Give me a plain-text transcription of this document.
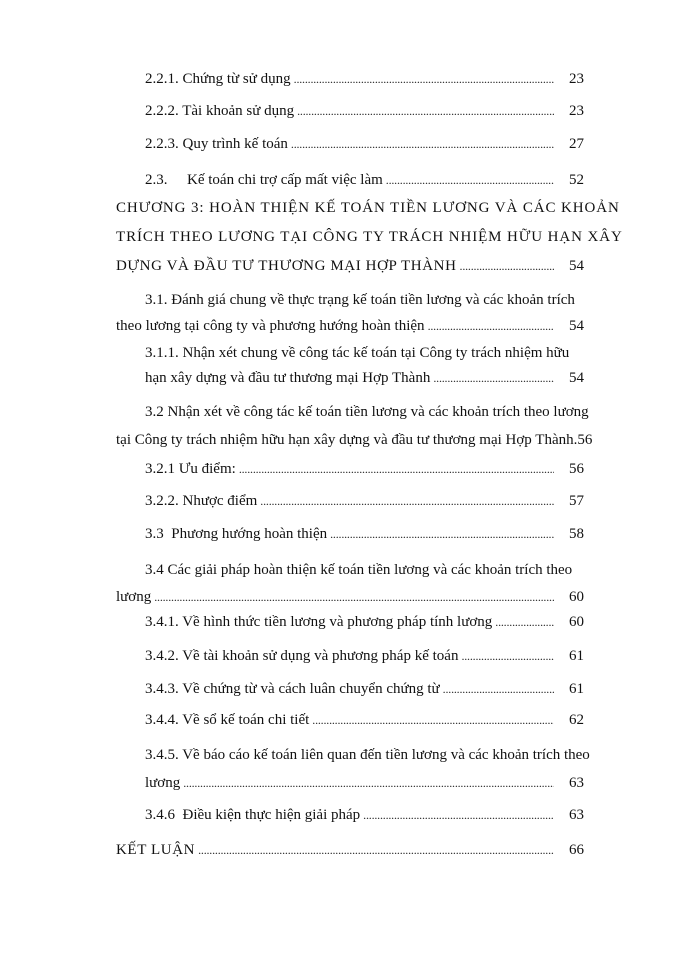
2.2.1. Chứng từ sử dụng . . .	23
2.2.2. Tài khoản sử dụng . . .	23
2.2.3. Quy trình kế toán . . .	27
2.3.	Kế toán chi trợ cấp mất việc làm . . .	52
CHƯƠNG 3: HOÀN THIỆN KẾ TOÁN TIỀN LƯƠNG VÀ CÁC KHOẢN
TRÍCH THEO LƯƠNG TẠI CÔNG TY TRÁCH NHIỆM HỮU HẠN XÂY
DỰNG VÀ ĐẦU TƯ THƯƠNG MẠI HỢP THÀNH . . .	54
3.1. Đánh giá chung về thực trạng kế toán tiền lương và các khoản trích
theo lương tại công ty và phương hướng hoàn thiện . . .	54
3.1.1. Nhận xét chung về công tác kế toán tại Công ty trách nhiệm hữu
hạn xây dựng và đầu tư thương mại Hợp Thành . . .	54
3.2 Nhận xét về công tác kế toán tiền lương và các khoản trích theo lương
tại Công ty trách nhiệm hữu hạn xây dựng và đầu tư thương mại Hợp Thành. 56
3.2.1 Ưu điểm: . . .	56
3.2.2. Nhược điểm . . .	57
3.3  Phương hướng hoàn thiện . . .	58
3.4 Các giải pháp hoàn thiện kế toán tiền lương và các khoản trích theo
lương . . .	60
3.4.1. Về hình thức tiền lương và phương pháp tính lương . . .	60
3.4.2. Về tài khoản sử dụng và phương pháp kế toán . . .	61
3.4.3. Về chứng từ và cách luân chuyển chứng từ . . .	61
3.4.4. Về sổ kế toán chi tiết . . .	62
3.4.5. Về báo cáo kế toán liên quan đến tiền lương và các khoản trích theo
lương . . .	63
3.4.6  Điều kiện thực hiện giải pháp . . .	63
KẾT LUẬN . . .	66
